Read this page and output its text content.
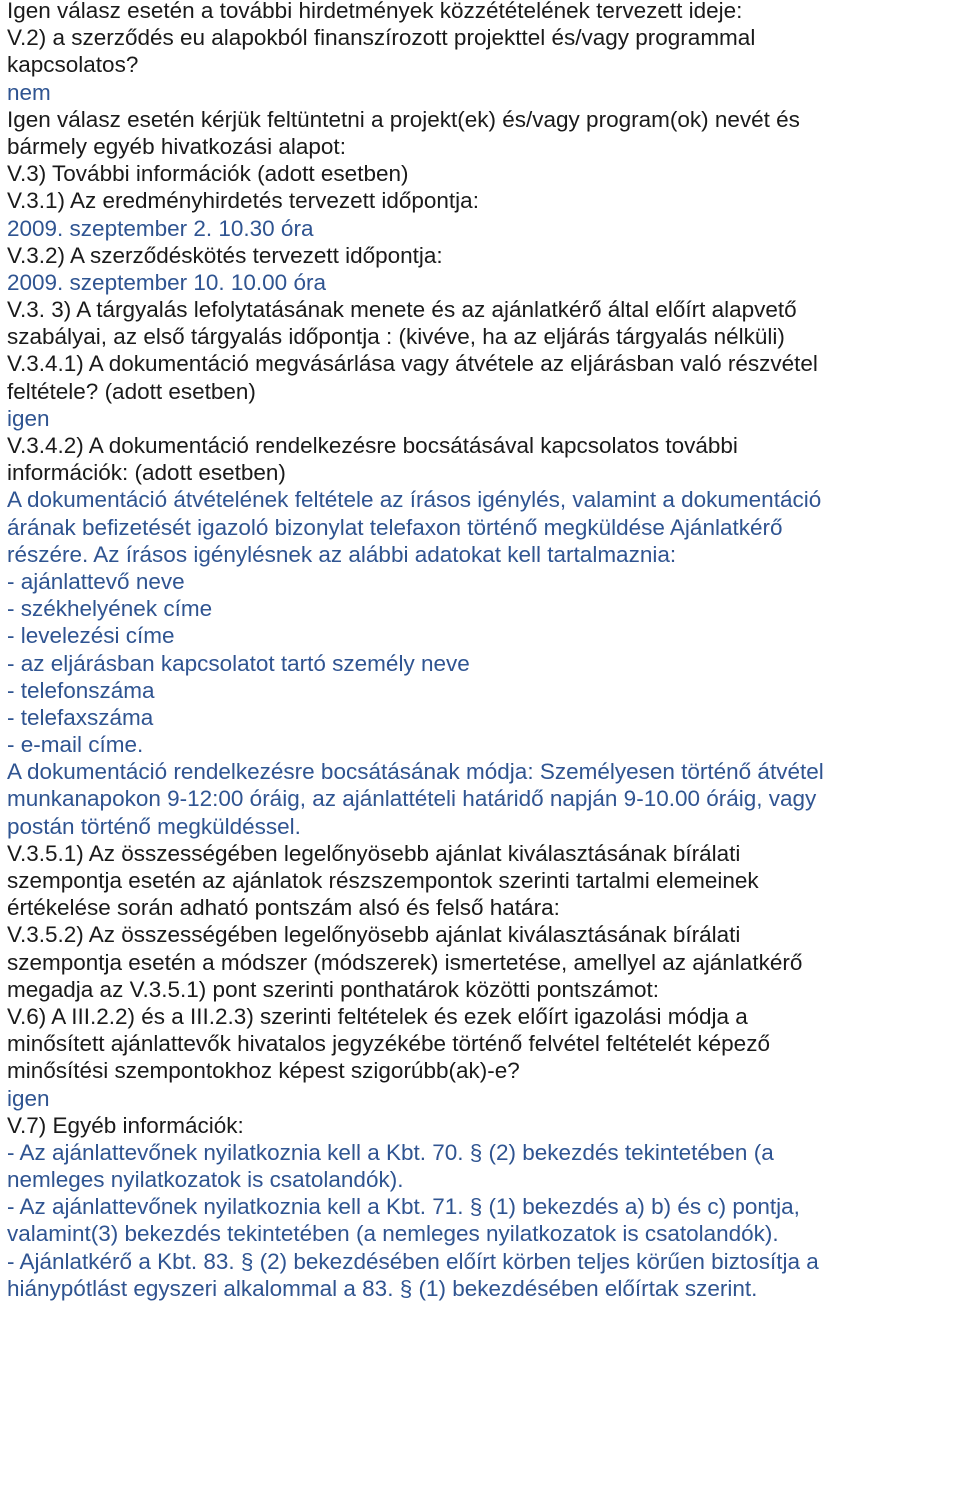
Igen válasz esetén a további hirdetmények közzétételének tervezett ideje:
V.2) a szerződés eu alapokból finanszírozott projekttel és/vagy programmal
kapcsolatos?
nem
Igen válasz esetén kérjük feltüntetni a projekt(ek) és/vagy program(ok) nevét és
bármely egyéb hivatkozási alapot:
V.3) További információk (adott esetben)
V.3.1) Az eredményhirdetés tervezett időpontja:
2009. szeptember 2. 10.30 óra
V.3.2) A szerződéskötés tervezett időpontja:
2009. szeptember 10. 10.00 óra
V.3. 3) A tárgyalás lefolytatásának menete és az ajánlatkérő által előírt alapvető
szabályai, az első tárgyalás időpontja : (kivéve, ha az eljárás tárgyalás nélküli)
V.3.4.1) A dokumentáció megvásárlása vagy átvétele az eljárásban való részvétel
feltétele? (adott esetben)
igen
V.3.4.2) A dokumentáció rendelkezésre bocsátásával kapcsolatos további
információk: (adott esetben)
A dokumentáció átvételének feltétele az írásos igénylés, valamint a dokumentáció
árának befizetését igazoló bizonylat telefaxon történő megküldése Ajánlatkérő
részére. Az írásos igénylésnek az alábbi adatokat kell tartalmaznia:
- ajánlattevő neve
- székhelyének címe
- levelezési címe
- az eljárásban kapcsolatot tartó személy neve
- telefonszáma
- telefaxszáma
- e-mail címe.
A dokumentáció rendelkezésre bocsátásának módja: Személyesen történő átvétel
munkanapokon 9-12:00 óráig, az ajánlattételi határidő napján 9-10.00 óráig, vagy
postán történő megküldéssel.
V.3.5.1) Az összességében legelőnyösebb ajánlat kiválasztásának bírálati
szempontja esetén az ajánlatok részszempontok szerinti tartalmi elemeinek
értékelése során adható pontszám alsó és felső határa:
V.3.5.2) Az összességében legelőnyösebb ajánlat kiválasztásának bírálati
szempontja esetén a módszer (módszerek) ismertetése, amellyel az ajánlatkérő
megadja az V.3.5.1) pont szerinti ponthatárok közötti pontszámot:
V.6) A III.2.2) és a III.2.3) szerinti feltételek és ezek előírt igazolási módja a
minősített ajánlattevők hivatalos jegyzékébe történő felvétel feltételét képező
minősítési szempontokhoz képest szigorúbb(ak)-e?
igen
V.7) Egyéb információk:
- Az ajánlattevőnek nyilatkoznia kell a Kbt. 70. § (2) bekezdés tekintetében (a
nemleges nyilatkozatok is csatolandók).
- Az ajánlattevőnek nyilatkoznia kell a Kbt. 71. § (1) bekezdés a) b) és c) pontja,
valamint(3) bekezdés tekintetében (a nemleges nyilatkozatok is csatolandók).
- Ajánlatkérő a Kbt. 83. § (2) bekezdésében előírt körben teljes körűen biztosítja a
hiánypótlást egyszeri alkalommal a 83. § (1) bekezdésében előírtak szerint.
